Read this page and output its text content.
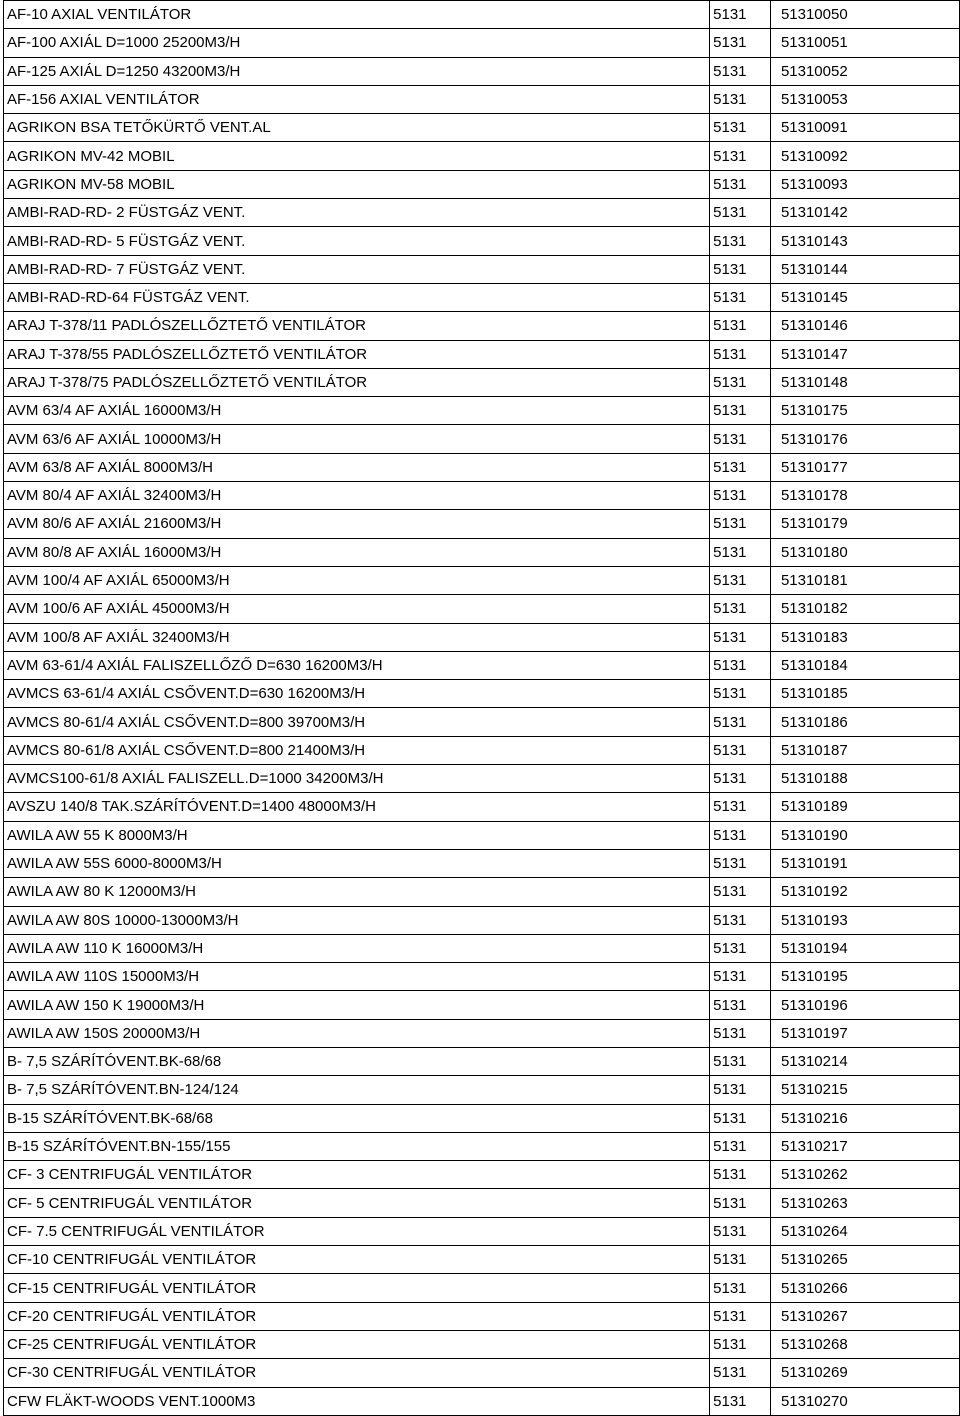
AF-10 AXIAL VENTILÁTOR	5131	51310050
AF-100 AXIÁL D=1000 25200M3/H	5131	51310051
AF-125 AXIÁL D=1250 43200M3/H	5131	51310052
AF-156 AXIAL VENTILÁTOR	5131	51310053
AGRIKON BSA TETŐKÜRTŐ VENT.AL	5131	51310091
AGRIKON MV-42 MOBIL	5131	51310092
AGRIKON MV-58 MOBIL	5131	51310093
AMBI-RAD-RD- 2 FÜSTGÁZ VENT.	5131	51310142
AMBI-RAD-RD- 5 FÜSTGÁZ VENT.	5131	51310143
AMBI-RAD-RD- 7 FÜSTGÁZ VENT.	5131	51310144
AMBI-RAD-RD-64 FÜSTGÁZ VENT.	5131	51310145
ARAJ T-378/11 PADLÓSZELLŐZTETŐ VENTILÁTOR	5131	51310146
ARAJ T-378/55 PADLÓSZELLŐZTETŐ VENTILÁTOR	5131	51310147
ARAJ T-378/75 PADLÓSZELLŐZTETŐ VENTILÁTOR	5131	51310148
AVM 63/4 AF AXIÁL 16000M3/H	5131	51310175
AVM 63/6 AF AXIÁL 10000M3/H	5131	51310176
AVM 63/8 AF AXIÁL 8000M3/H	5131	51310177
AVM 80/4 AF AXIÁL 32400M3/H	5131	51310178
AVM 80/6 AF AXIÁL 21600M3/H	5131	51310179
AVM 80/8 AF AXIÁL 16000M3/H	5131	51310180
AVM 100/4 AF AXIÁL 65000M3/H	5131	51310181
AVM 100/6 AF AXIÁL 45000M3/H	5131	51310182
AVM 100/8 AF AXIÁL 32400M3/H	5131	51310183
AVM 63-61/4 AXIÁL FALISZELLŐZŐ D=630 16200M3/H	5131	51310184
AVMCS 63-61/4 AXIÁL CSŐVENT.D=630 16200M3/H	5131	51310185
AVMCS 80-61/4 AXIÁL CSŐVENT.D=800 39700M3/H	5131	51310186
AVMCS 80-61/8 AXIÁL CSŐVENT.D=800 21400M3/H	5131	51310187
AVMCS100-61/8 AXIÁL FALISZELL.D=1000 34200M3/H	5131	51310188
AVSZU 140/8 TAK.SZÁRÍTÓVENT.D=1400 48000M3/H	5131	51310189
AWILA AW 55 K 8000M3/H	5131	51310190
AWILA AW 55S 6000-8000M3/H	5131	51310191
AWILA AW 80 K 12000M3/H	5131	51310192
AWILA AW 80S 10000-13000M3/H	5131	51310193
AWILA AW 110 K 16000M3/H	5131	51310194
AWILA AW 110S 15000M3/H	5131	51310195
AWILA AW 150 K 19000M3/H	5131	51310196
AWILA AW 150S 20000M3/H	5131	51310197
B- 7,5 SZÁRÍTÓVENT.BK-68/68	5131	51310214
B- 7,5 SZÁRÍTÓVENT.BN-124/124	5131	51310215
B-15 SZÁRÍTÓVENT.BK-68/68	5131	51310216
B-15 SZÁRÍTÓVENT.BN-155/155	5131	51310217
CF- 3 CENTRIFUGÁL VENTILÁTOR	5131	51310262
CF- 5 CENTRIFUGÁL VENTILÁTOR	5131	51310263
CF- 7.5 CENTRIFUGÁL VENTILÁTOR	5131	51310264
CF-10 CENTRIFUGÁL VENTILÁTOR	5131	51310265
CF-15 CENTRIFUGÁL VENTILÁTOR	5131	51310266
CF-20 CENTRIFUGÁL VENTILÁTOR	5131	51310267
CF-25 CENTRIFUGÁL VENTILÁTOR	5131	51310268
CF-30 CENTRIFUGÁL VENTILÁTOR	5131	51310269
CFW FLÄKT-WOODS VENT.1000M3	5131	51310270
